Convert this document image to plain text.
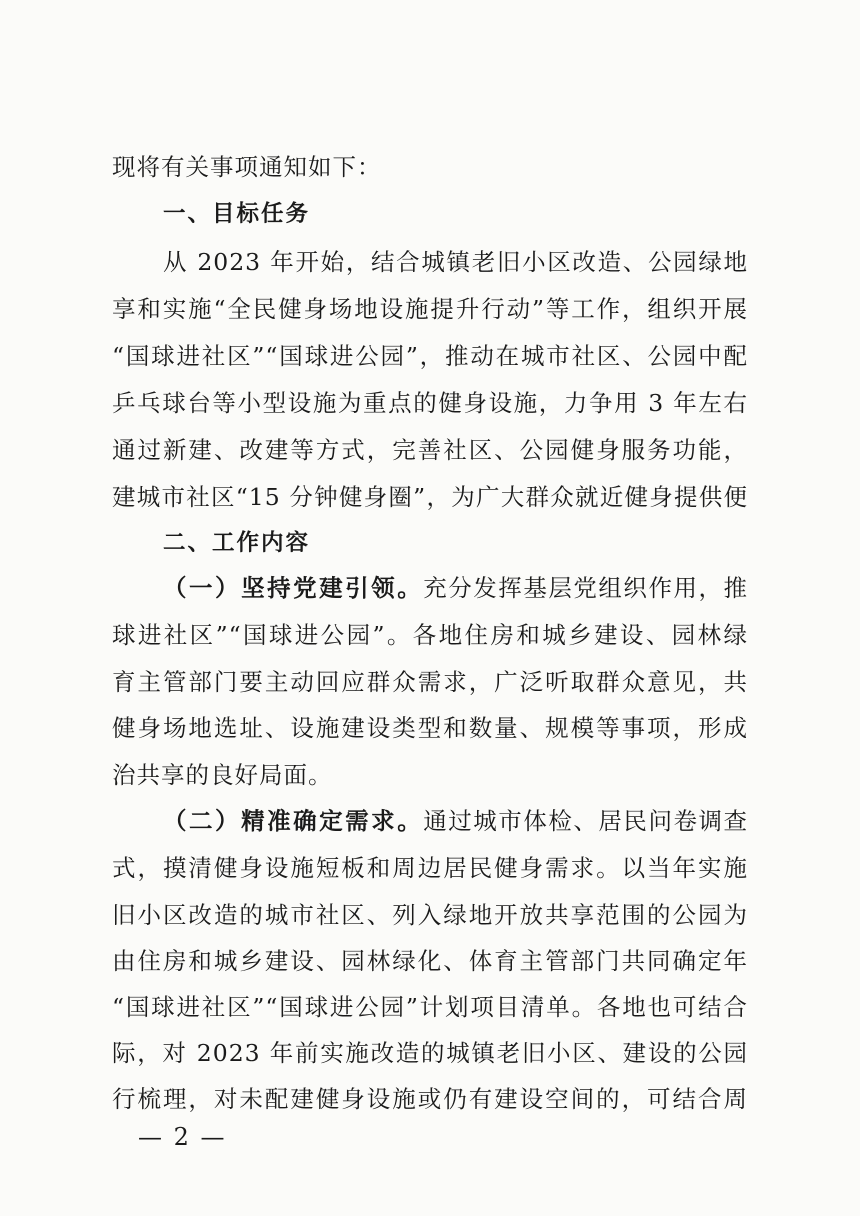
现将有关事项通知如下：
一、目标任务
从 2023 年开始，结合城镇老旧小区改造、公园绿地
享和实施“全民健身场地设施提升行动”等工作，组织开展
“国球进社区”“国球进公园”，推动在城市社区、公园中配
乒乓球台等小型设施为重点的健身设施，力争用 3 年左右
通过新建、改建等方式，完善社区、公园健身服务功能，
建城市社区“15 分钟健身圈”，为广大群众就近健身提供便
二、工作内容
（一）坚持党建引领。充分发挥基层党组织作用，推
球进社区”“国球进公园”。各地住房和城乡建设、园林绿
育主管部门要主动回应群众需求，广泛听取群众意见，共
健身场地选址、设施建设类型和数量、规模等事项，形成
治共享的良好局面。
（二）精准确定需求。通过城市体检、居民问卷调查
式，摸清健身设施短板和周边居民健身需求。以当年实施
旧小区改造的城市社区、列入绿地开放共享范围的公园为
由住房和城乡建设、园林绿化、体育主管部门共同确定年
“国球进社区”“国球进公园”计划项目清单。各地也可结合
际，对 2023 年前实施改造的城镇老旧小区、建设的公园
行梳理，对未配建健身设施或仍有建设空间的，可结合周
— 2 —
